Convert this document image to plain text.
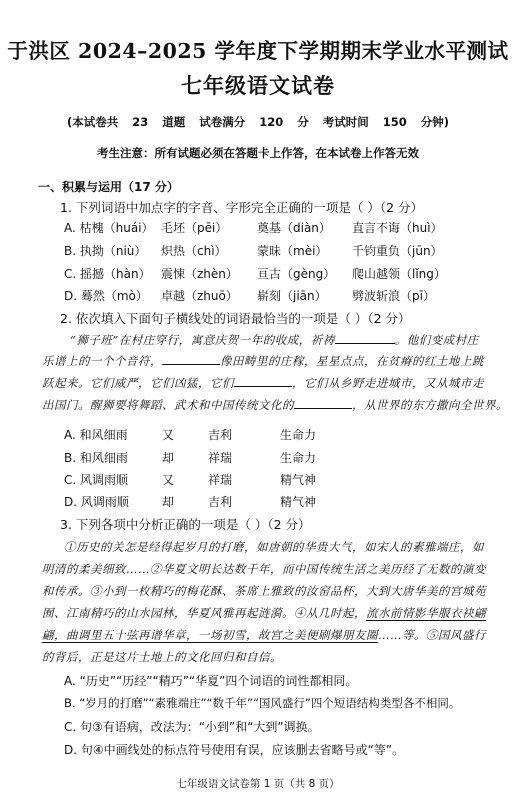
于洪区 2024–2025 学年度下学期期末学业水平测试
七年级语文试卷
(本试卷共 23 道题 试卷满分 120 分 考试时间 150 分钟)
考生注意：所有试题必须在答题卡上作答，在本试卷上作答无效
一、积累与运用（17 分）
1. 下列词语中加点字的字音、字形完全正确的一项是（ ）（2 分）
A. 枯槐（huái） 毛坯（pēi） 奠基（diàn） 直言不诲（huì）
B. 执拗（niù） 炽热（chì）	蒙昧（mèi） 千钧重负（jūn）
C. 摇撼（hàn） 震悚（zhèn） 亘古（gèng） 爬山越领（lǐng）
D. 蓦然（mò） 卓越（zhuō） 崭刻（jiān） 劈波斩浪（pī）
2. 依次填入下面句子横线处的词语最恰当的一项是（ ）（2 分）
“狮子班”在村庄穿行，寓意庆贺一年的收成，祈祷	。他们变成村庄
乐谱上的一个个音符，	像田畴里的庄稼，星星点点，在贫瘠的红土地上跳
跃起来。它们威严，它们凶猛，它们	，它们从乡野走进城市，又从城市走
出国门。醒狮要将舞蹈、武术和中国传统文化的	，从世界的东方撒向全世界。
A. 和风细雨	又	吉利	生命力
B. 和风细雨	却	祥瑞	生命力
C. 风调雨顺	又	祥瑞	精气神
D. 风调雨顺	却	吉利	精气神
3. 下列各项中分析正确的一项是（ ）（2 分）
①历史的关怎是经得起岁月的打磨，如唐朝的华贵大气，如宋人的素雅端庄，如
明清的柔美细致……②华夏文明长达数千年，而中国传统生活之美历经了无数的演变
和传承。③小到一枚精巧的梅花酥、茶席上雅致的汝窑品杯，大到大唐华美的宫城苑
囿、江南精巧的山水园林，华夏风雅再起涟漪。④从几时起，流水前情影华服衣袂翩
翩，曲调里五十弦再谱华章，一场初雪，故宫之美便刷爆朋友圈……等。⑤国风盛行
的背后，正是这片土地上的文化回归和自信。
A. “历史”“历经”“精巧”“华夏”四个词语的词性都相同。
B. “岁月的打磨”“素雅端庄”“数千年”“国风盛行”四个短语结构类型各不相同。
C. 句③有语病，改法为：“小到”和“大到”调换。
D. 句④中画线处的标点符号使用有误，应该删去省略号或“等”。
七年级语文试卷第 1 页（共 8 页）
